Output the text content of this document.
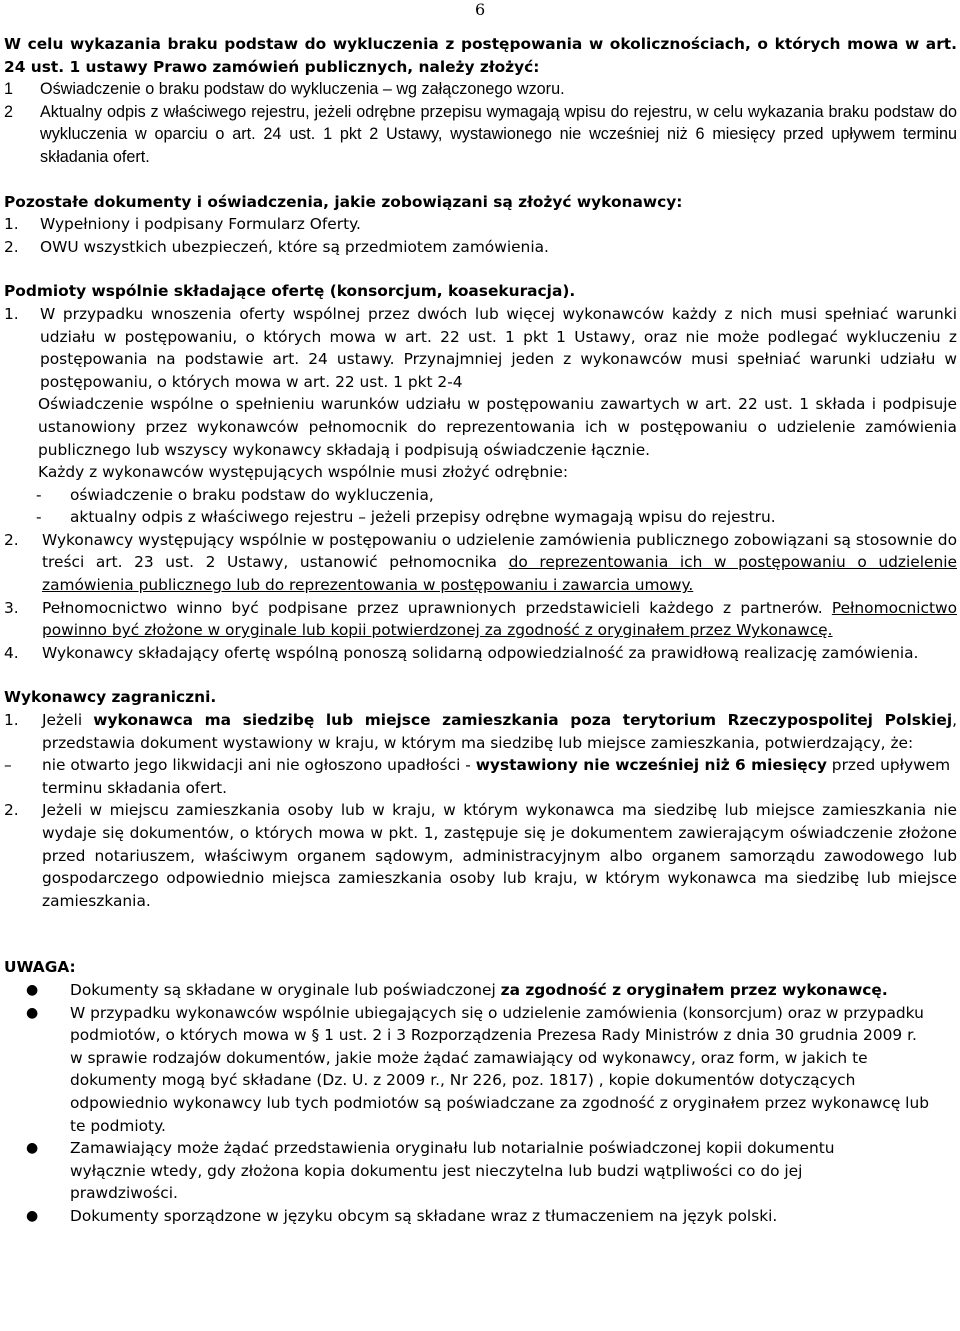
6

W celu wykazania braku podstaw do wykluczenia z postępowania w okolicznościach, o których mowa w art. 24 ust. 1 ustawy Prawo zamówień publicznych, należy złożyć:

1	Oświadczenie o braku podstaw do wykluczenia – wg załączonego wzoru.
2	Aktualny odpis z właściwego rejestru, jeżeli odrębne przepisu wymagają wpisu do rejestru, w celu wykazania braku podstaw do wykluczenia w oparciu o art. 24 ust. 1 pkt 2 Ustawy, wystawionego nie wcześniej niż 6 miesięcy przed upływem terminu składania ofert.

Pozostałe dokumenty i oświadczenia, jakie zobowiązani są złożyć wykonawcy:

1.	Wypełniony i podpisany Formularz Oferty.
2.	OWU wszystkich ubezpieczeń, które są przedmiotem zamówienia.

Podmioty wspólnie składające ofertę (konsorcjum, koasekuracja).

1.	W przypadku wnoszenia oferty wspólnej przez dwóch lub więcej wykonawców każdy z nich musi spełniać warunki udziału w postępowaniu, o których mowa w art. 22 ust. 1 pkt 1 Ustawy, oraz nie może podlegać wykluczeniu z postępowania na podstawie art. 24 ustawy. Przynajmniej jeden z wykonawców musi spełniać warunki udziału w postępowaniu, o których mowa w art. 22 ust. 1 pkt 2-4

Oświadczenie wspólne o spełnieniu warunków udziału w postępowaniu zawartych w art. 22 ust. 1 składa i podpisuje ustanowiony przez wykonawców pełnomocnik do reprezentowania ich w postępowaniu o udzielenie zamówienia publicznego lub wszyscy wykonawcy składają i podpisują oświadczenie łącznie.

Każdy z wykonawców występujących wspólnie musi złożyć odrębnie:

-	oświadczenie o braku podstaw do wykluczenia,
-	aktualny odpis z właściwego rejestru – jeżeli przepisy odrębne wymagają wpisu do rejestru.
2.	Wykonawcy występujący wspólnie w postępowaniu o udzielenie zamówienia publicznego zobowiązani są stosownie do treści art. 23 ust. 2 Ustawy, ustanowić pełnomocnika do reprezentowania ich w postępowaniu o udzielenie zamówienia publicznego lub do reprezentowania w postępowaniu i zawarcia umowy.
3.	Pełnomocnictwo winno być podpisane przez uprawnionych przedstawicieli każdego z partnerów. Pełnomocnictwo powinno być złożone w oryginale lub kopii potwierdzonej za zgodność z oryginałem przez Wykonawcę.
4.	Wykonawcy składający ofertę wspólną ponoszą solidarną odpowiedzialność za prawidłową realizację zamówienia.

Wykonawcy zagraniczni.

1.	Jeżeli wykonawca ma siedzibę lub miejsce zamieszkania poza terytorium Rzeczypospolitej Polskiej, przedstawia dokument wystawiony w kraju, w którym ma siedzibę lub miejsce zamieszkania, potwierdzający, że:
–	nie otwarto jego likwidacji ani nie ogłoszono upadłości - wystawiony nie wcześniej niż 6 miesięcy przed upływem terminu składania ofert.
2.	Jeżeli w miejscu zamieszkania osoby lub w kraju, w którym wykonawca ma siedzibę lub miejsce zamieszkania nie wydaje się dokumentów, o których mowa w pkt. 1, zastępuje się je dokumentem zawierającym oświadczenie złożone przed notariuszem, właściwym organem sądowym, administracyjnym albo organem samorządu zawodowego lub gospodarczego odpowiednio miejsca zamieszkania osoby lub kraju, w którym wykonawca ma siedzibę lub miejsce zamieszkania.

UWAGA:

●	Dokumenty są składane w oryginale lub poświadczonej za zgodność z oryginałem przez wykonawcę.
●	W przypadku wykonawców wspólnie ubiegających się o udzielenie zamówienia (konsorcjum) oraz w przypadku podmiotów, o których mowa w § 1 ust. 2 i 3 Rozporządzenia Prezesa Rady Ministrów z dnia 30 grudnia 2009 r. w sprawie rodzajów dokumentów, jakie może żądać zamawiający od wykonawcy, oraz form, w jakich te dokumenty mogą być składane (Dz. U. z 2009 r., Nr 226, poz. 1817) , kopie dokumentów dotyczących odpowiednio wykonawcy lub tych podmiotów są poświadczane za zgodność z oryginałem przez wykonawcę lub te podmioty.
●	Zamawiający może żądać przedstawienia oryginału lub notarialnie poświadczonej kopii dokumentu wyłącznie wtedy, gdy złożona kopia dokumentu jest nieczytelna lub budzi wątpliwości co do jej prawdziwości.
●	Dokumenty sporządzone w języku obcym są składane wraz z tłumaczeniem na język polski.
